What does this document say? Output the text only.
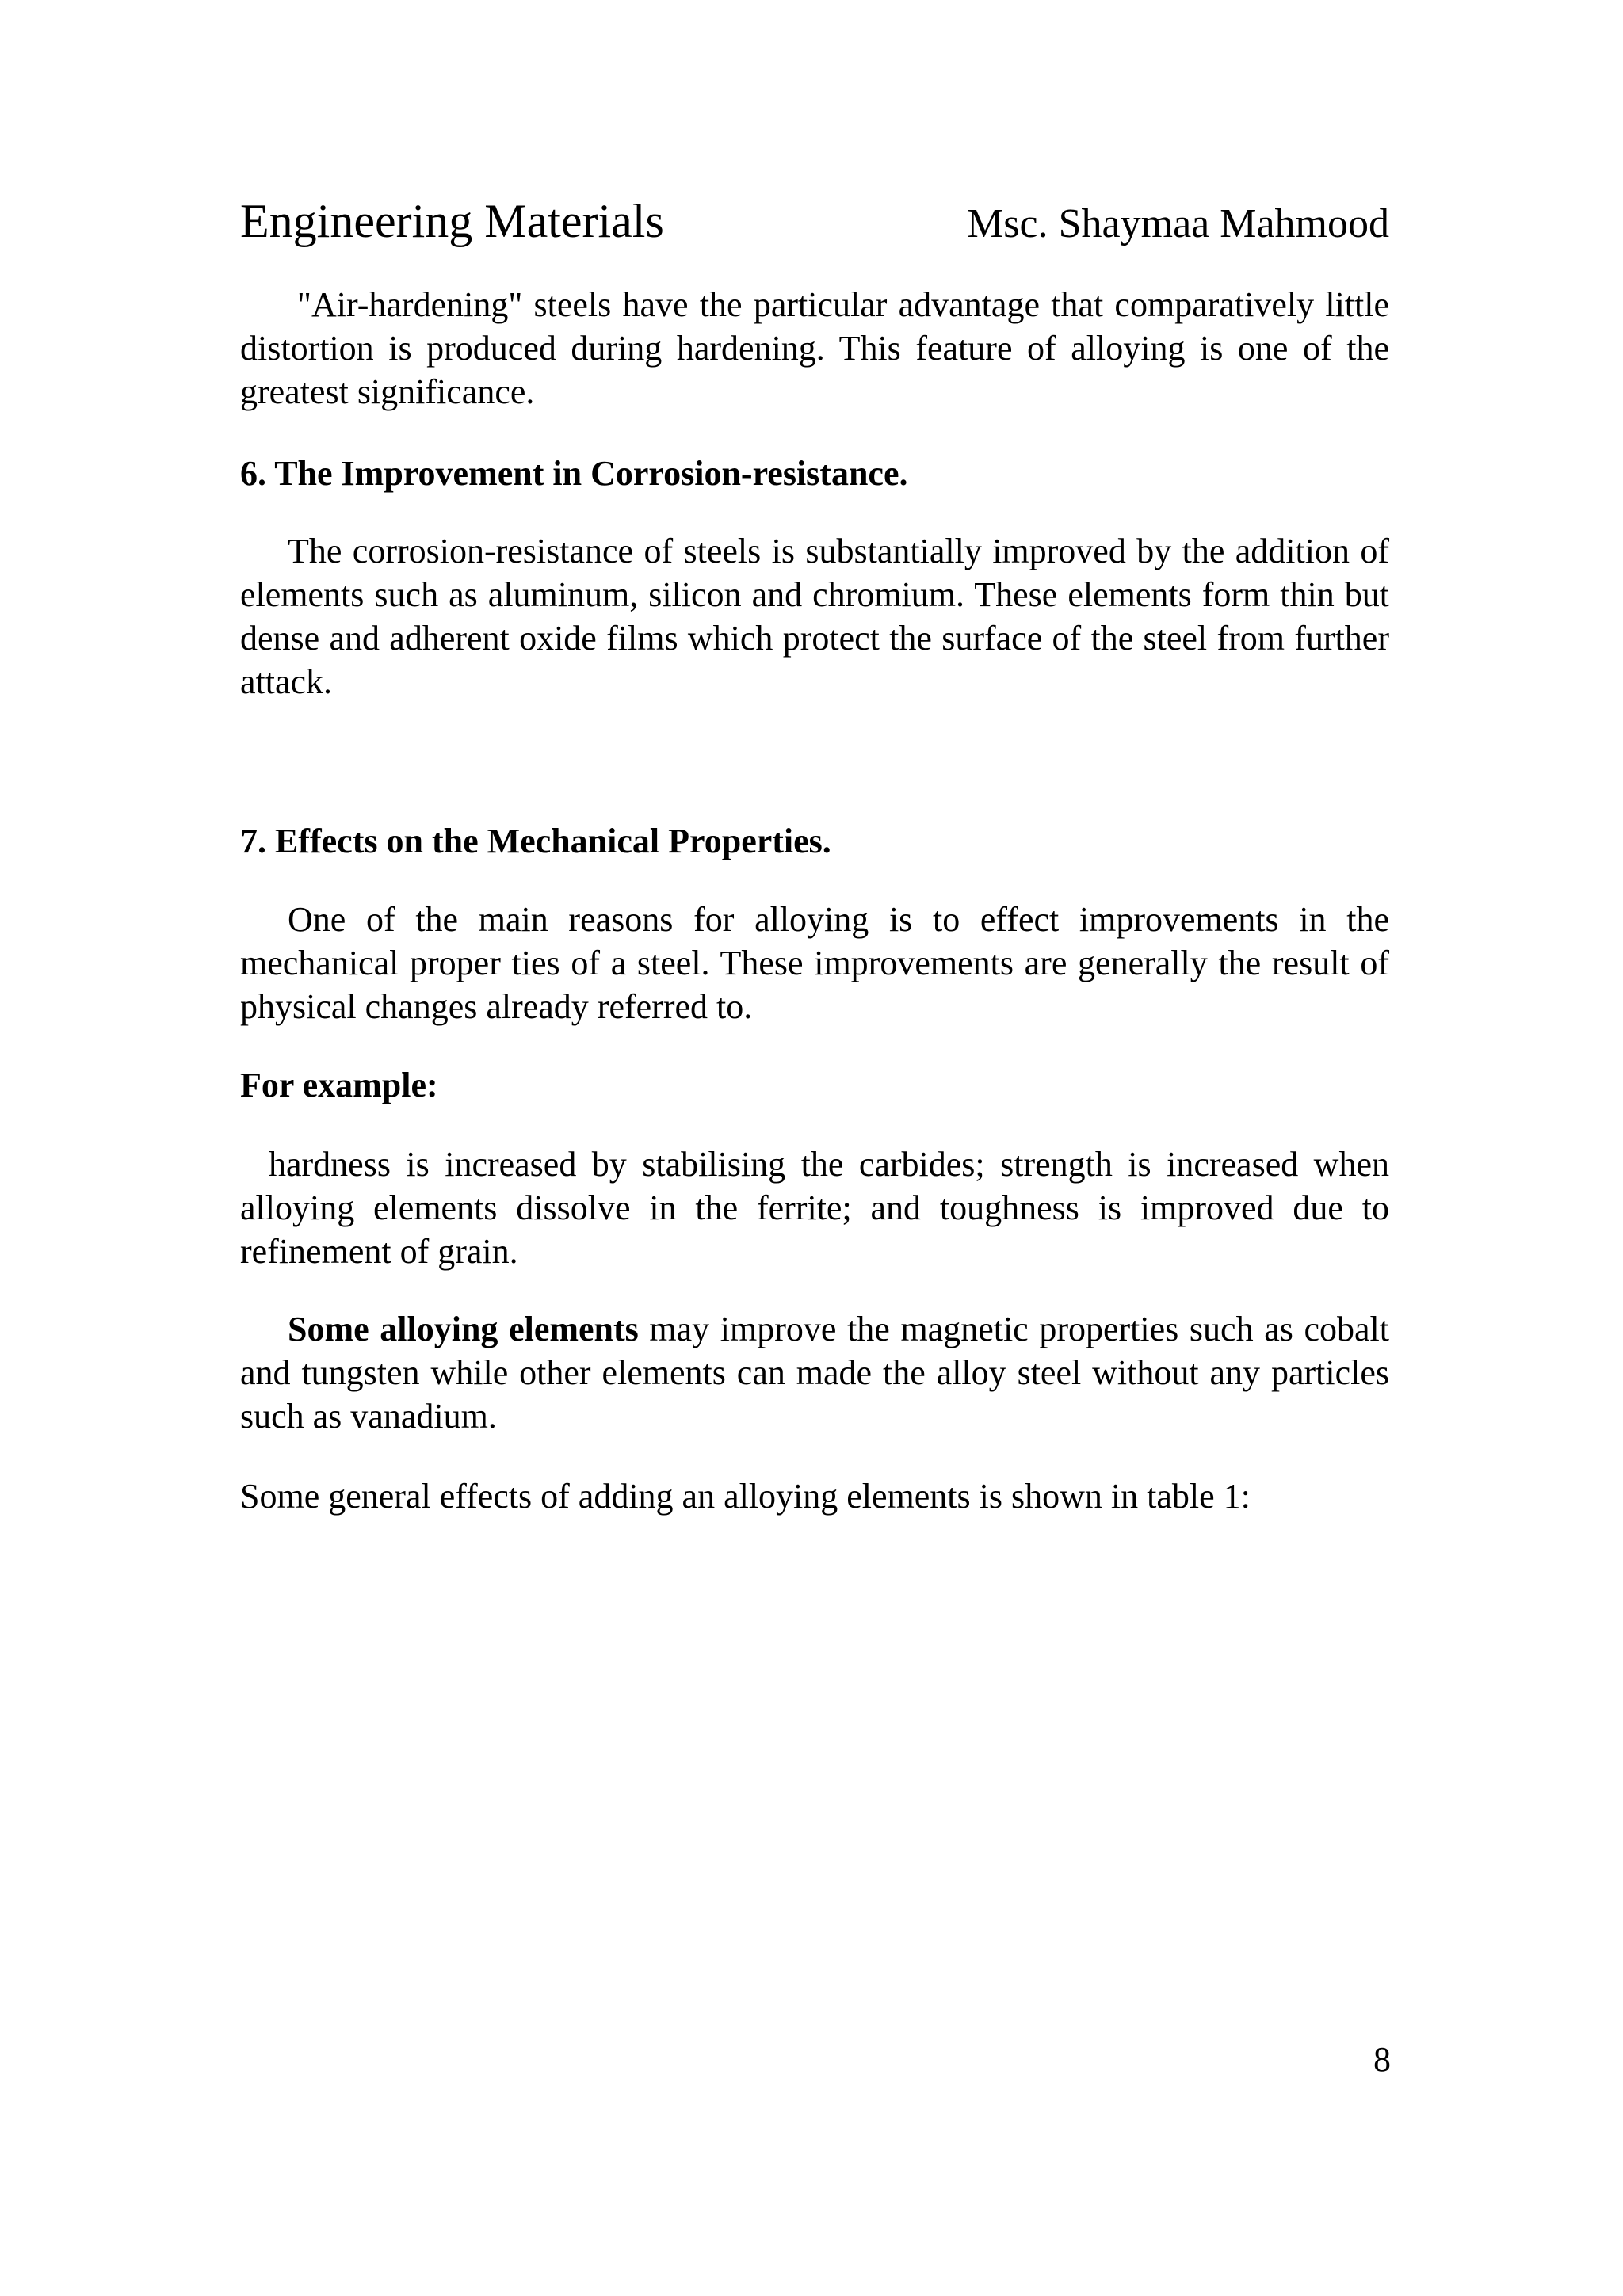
Engineering Materials	Msc. Shaymaa Mahmood

"Air-hardening" steels have the particular advantage that comparatively little distortion is produced during hardening. This feature of alloying is one of the greatest significance.

6. The Improvement in Corrosion-resistance.

The corrosion-resistance of steels is substantially improved by the addition of elements such as aluminum, silicon and chromium. These elements form thin but dense and adherent oxide films which protect the surface of the steel from further attack.

7. Effects on the Mechanical Properties.

One of the main reasons for alloying is to effect improvements in the mechanical proper ties of a steel. These improvements are generally the result of physical changes already referred to.

For example:

hardness is increased by stabilising the carbides; strength is increased when alloying elements dissolve in the ferrite; and toughness is improved due to refinement of grain.

Some alloying elements may improve the magnetic properties such as cobalt and tungsten while other elements can made the alloy steel without any particles such as vanadium.

Some general effects of adding an alloying elements is shown in table 1:

8
